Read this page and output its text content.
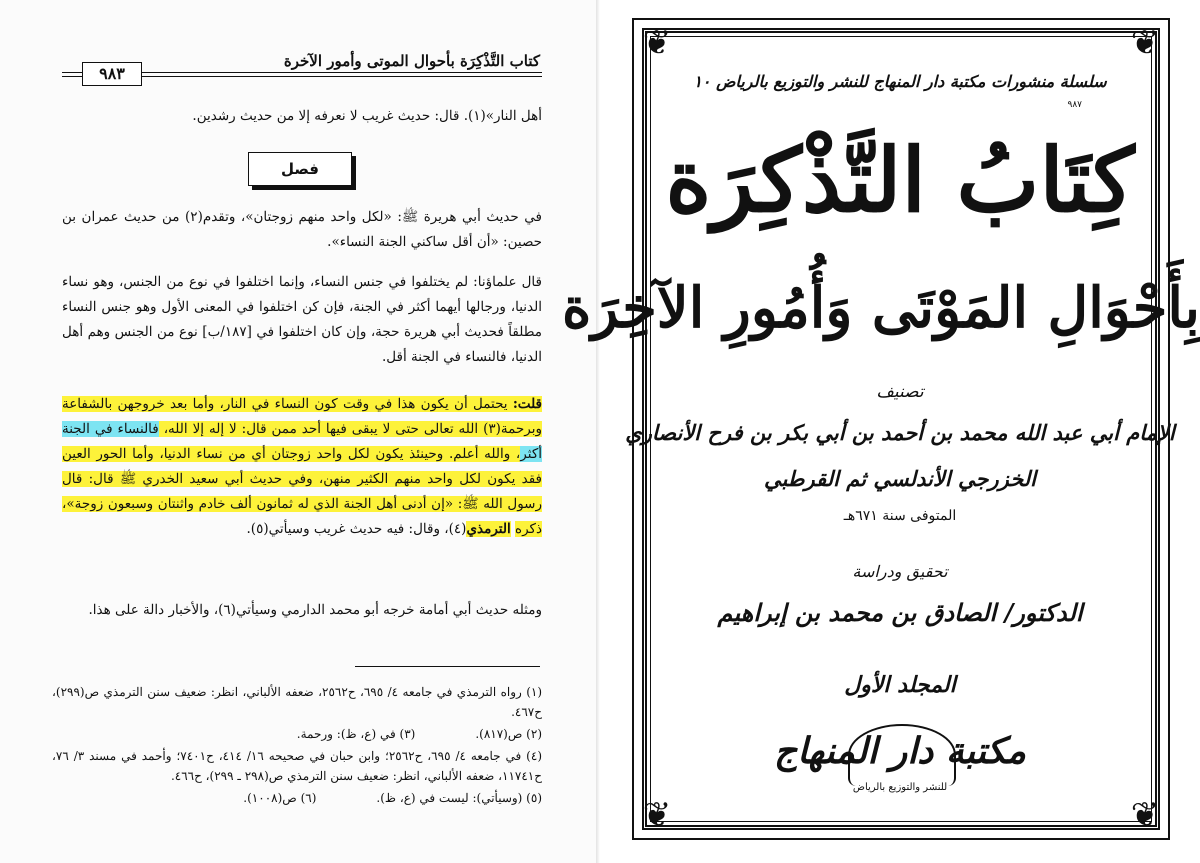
كتاب التَّذْكِرَة بأحوال الموتى وأمور الآخرة
٩٨٣

أهل النار»(١). قال: حديث غريب لا نعرفه إلا من حديث رشدين.

فصل

في حديث أبي هريرة ﷺ: «لكل واحد منهم زوجتان»، وتقدم(٢) من حديث عمران بن حصين: «أن أقل ساكني الجنة النساء».

قال علماؤنا: لم يختلفوا في جنس النساء، وإنما اختلفوا في نوع من الجنس، وهو نساء الدنيا، ورجالها أيهما أكثر في الجنة، فإن كن اختلفوا في المعنى الأول وهو جنس النساء مطلقاً فحديث أبي هريرة حجة، وإن كان اختلفوا في [١٨٧/ب] نوع من الجنس وهم أهل الدنيا، فالنساء في الجنة أقل.

قلت: يحتمل أن يكون هذا في وقت كون النساء في النار، وأما بعد خروجهن بالشفاعة وبرحمة(٣) الله تعالى حتى لا يبقى فيها أحد ممن قال: لا إله إلا الله، فالنساء في الجنة أكثر، والله أعلم. وحينئذ يكون لكل واحد زوجتان أي من نساء الدنيا، وأما الحور العين فقد يكون لكل واحد منهم الكثير منهن، وفي حديث أبي سعيد الخدري ﷺ قال: قال رسول الله ﷺ: «إن أدنى أهل الجنة الذي له ثمانون ألف خادم واثنتان وسبعون زوجة»، ذكره الترمذي(٤)، وقال: فيه حديث غريب وسيأتي(٥).

ومثله حديث أبي أمامة خرجه أبو محمد الدارمي وسيأتي(٦)، والأخبار دالة على هذا.

(١) رواه الترمذي في جامعه ٤/ ٦٩٥، ح٢٥٦٢، ضعفه الألباني، انظر: ضعيف سنن الترمذي ص(٢٩٩)، ح٤٦٧.
(٢) ص(٨١٧).
(٣) في (ع، ظ): ورحمة.
(٤) في جامعه ٤/ ٦٩٥، ح٢٥٦٢؛ وابن حبان في صحيحه ١٦/ ٤١٤، ح٧٤٠١؛ وأحمد في مسند ٣/ ٧٦، ح١١٧٤١، ضعفه الألباني، انظر: ضعيف سنن الترمذي ص(٢٩٨ ـ ٢٩٩)، ح٤٦٦.
(٥) (وسيأتي): ليست في (ع، ظ).
(٦) ص(١٠٠٨).
❦	❦
❦	❦
سلسلة منشورات مكتبة دار المنهاج للنشر والتوزيع بالرياض ١٠
٩٨٧
كِتَابُ التَّذْكِرَة
بِأَحْوَالِ المَوْتَى وَأُمُورِ الآخِرَة
تصنيف
الإمام أبي عبد الله محمد بن أحمد بن أبي بكر بن فرح الأنصاري
الخزرجي الأندلسي ثم القرطبي
المتوفى سنة ٦٧١هـ
تحقيق ودراسة
الدكتور/ الصادق بن محمد بن إبراهيم
المجلد الأول
مكتبة دار المنهاج
للنشر والتوزيع بالرياض
